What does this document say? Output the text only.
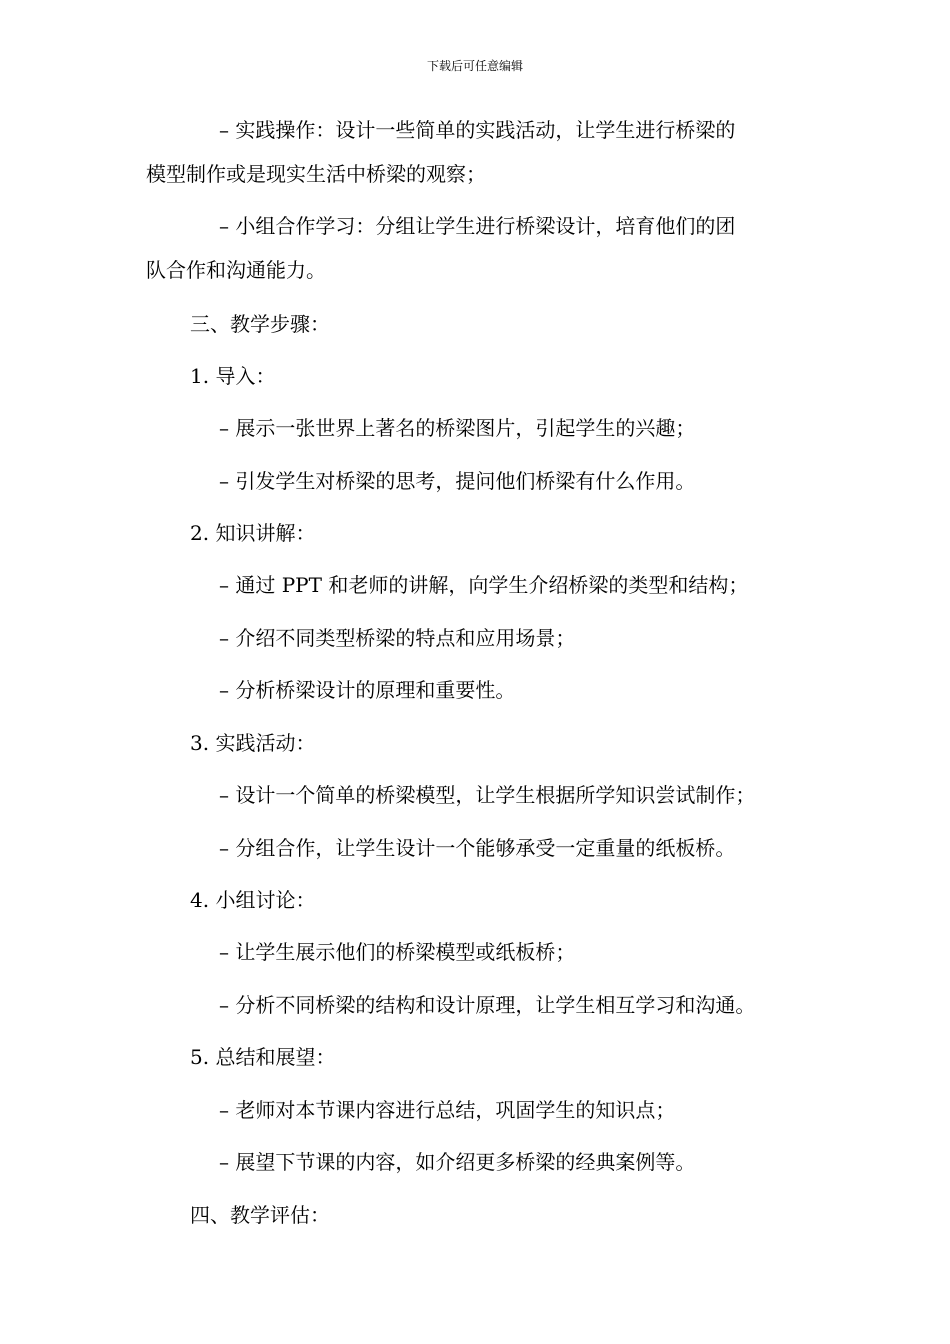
下载后可任意编辑
– 实践操作：设计一些简单的实践活动，让学生进行桥梁的
模型制作或是现实生活中桥梁的观察；
– 小组合作学习：分组让学生进行桥梁设计，培育他们的团
队合作和沟通能力。
三、教学步骤：
1. 导入：
– 展示一张世界上著名的桥梁图片，引起学生的兴趣；
– 引发学生对桥梁的思考，提问他们桥梁有什么作用。
2. 知识讲解：
– 通过 PPT 和老师的讲解，向学生介绍桥梁的类型和结构；
– 介绍不同类型桥梁的特点和应用场景；
– 分析桥梁设计的原理和重要性。
3. 实践活动：
– 设计一个简单的桥梁模型，让学生根据所学知识尝试制作；
– 分组合作，让学生设计一个能够承受一定重量的纸板桥。
4. 小组讨论：
– 让学生展示他们的桥梁模型或纸板桥；
– 分析不同桥梁的结构和设计原理，让学生相互学习和沟通。
5. 总结和展望：
– 老师对本节课内容进行总结，巩固学生的知识点；
– 展望下节课的内容，如介绍更多桥梁的经典案例等。
四、教学评估：
